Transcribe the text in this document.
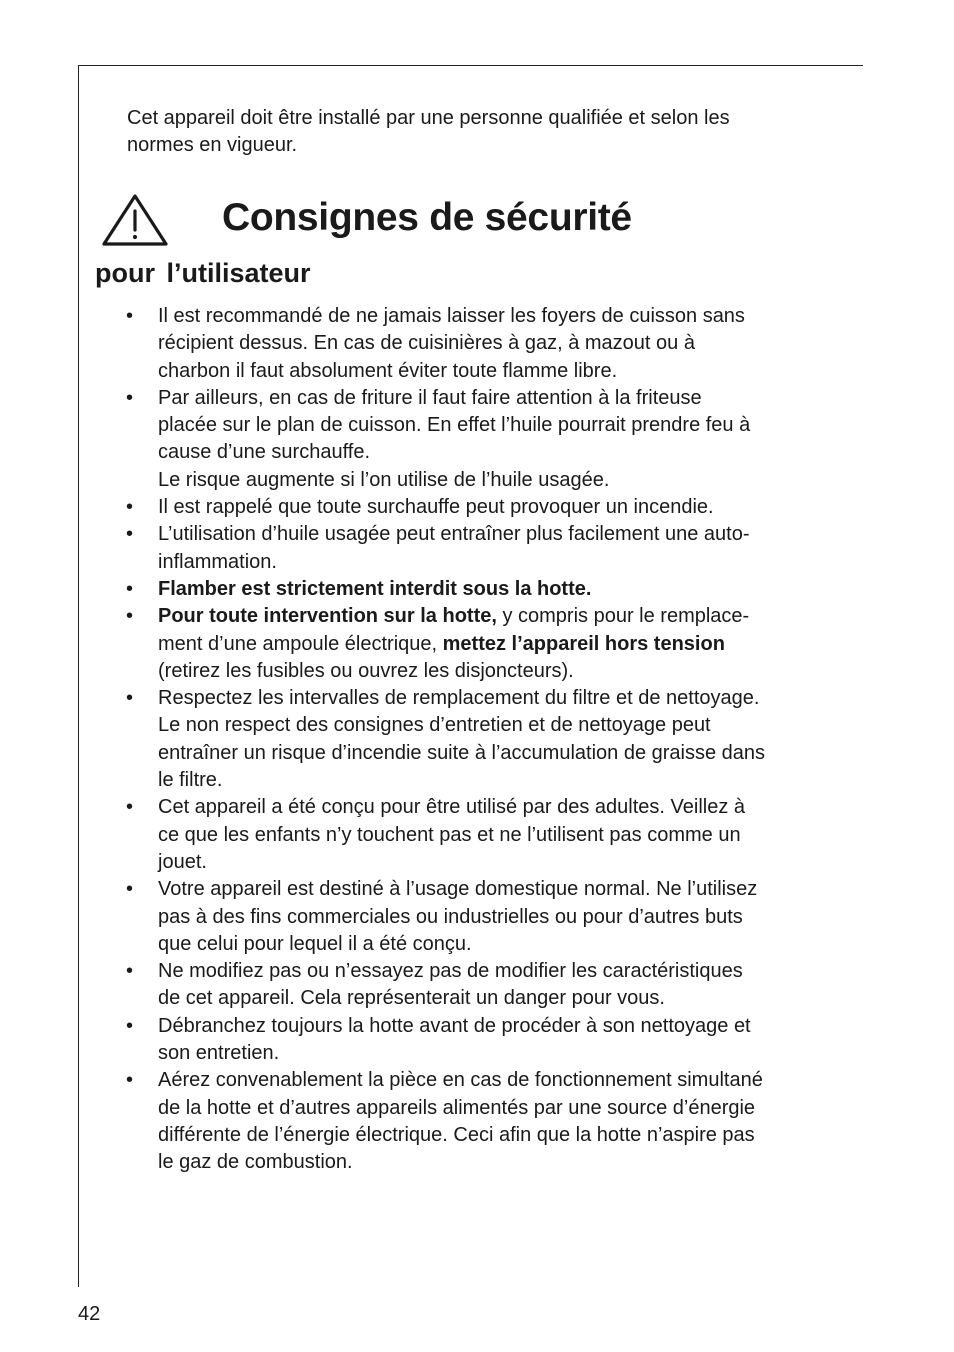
Cet appareil doit être installé par une personne qualifiée et selon les
normes en vigueur.

Consignes de sécurité
pour l’utilisateur
• Il est recommandé de ne jamais laisser les foyers de cuisson sans
récipient dessus. En cas de cuisinières à gaz, à mazout ou à
charbon il faut absolument éviter toute flamme libre.
• Par ailleurs, en cas de friture il faut faire attention à la friteuse
placée sur le plan de cuisson. En effet l’huile pourrait prendre feu à
cause d’une surchauffe.
Le risque augmente si l’on utilise de l’huile usagée.
• Il est rappelé que toute surchauffe peut provoquer un incendie.
• L’utilisation d’huile usagée peut entraîner plus facilement une auto-
inflammation.
• Flamber est strictement interdit sous la hotte.
• Pour toute intervention sur la hotte, y compris pour le remplace-
ment d’une ampoule électrique, mettez l’appareil hors tension
(retirez les fusibles ou ouvrez les disjoncteurs).
• Respectez les intervalles de remplacement du filtre et de nettoyage.
Le non respect des consignes d’entretien et de nettoyage peut
entraîner un risque d’incendie suite à l’accumulation de graisse dans
le filtre.
• Cet appareil a été conçu pour être utilisé par des adultes. Veillez à
ce que les enfants n’y touchent pas et ne l’utilisent pas comme un
jouet.
• Votre appareil est destiné à l’usage domestique normal. Ne l’utilisez
pas à des fins commerciales ou industrielles ou pour d’autres buts
que celui pour lequel il a été conçu.
• Ne modifiez pas ou n’essayez pas de modifier les caractéristiques
de cet appareil. Cela représenterait un danger pour vous.
• Débranchez toujours la hotte avant de procéder à son nettoyage et
son entretien.
• Aérez convenablement la pièce en cas de fonctionnement simultané
de la hotte et d’autres appareils alimentés par une source d’énergie
différente de l’énergie électrique. Ceci afin que la hotte n’aspire pas
le gaz de combustion.

42
